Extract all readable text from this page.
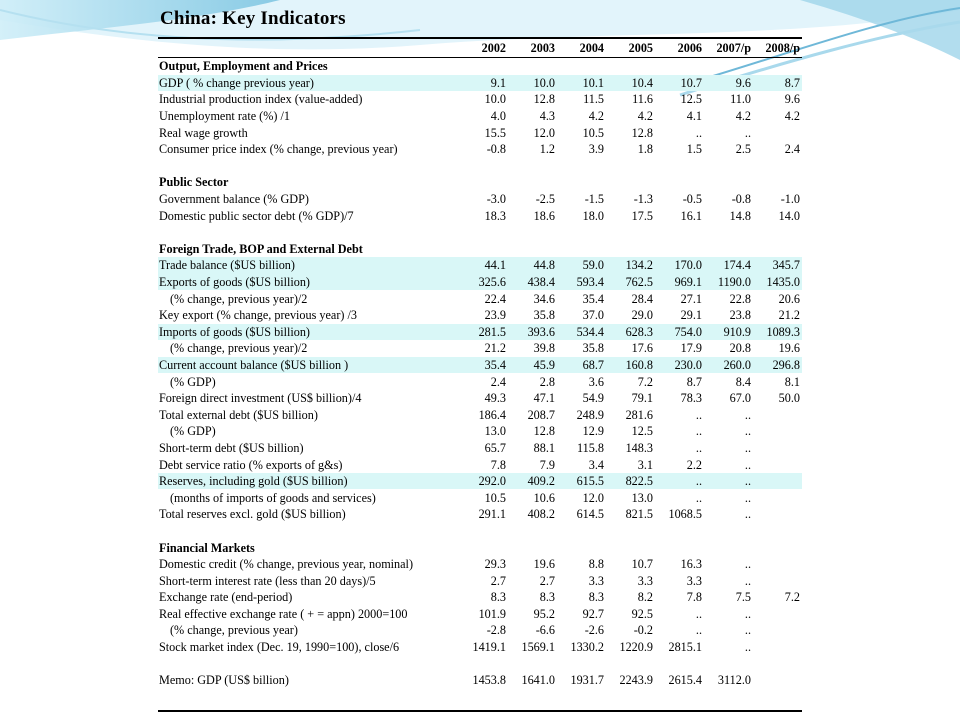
China: Key Indicators
	2002	2003	2004	2005	2006	2007/p	2008/p
Output, Employment and Prices							
GDP ( % change previous year)	9.1	10.0	10.1	10.4	10.7	9.6	8.7
Industrial production index (value-added)	10.0	12.8	11.5	11.6	12.5	11.0	9.6
Unemployment rate (%) /1	4.0	4.3	4.2	4.2	4.1	4.2	4.2
Real wage growth	15.5	12.0	10.5	12.8	..	..	
Consumer price index (% change, previous year)	-0.8	1.2	3.9	1.8	1.5	2.5	2.4

Public Sector							
Government balance (% GDP)	-3.0	-2.5	-1.5	-1.3	-0.5	-0.8	-1.0
Domestic public sector debt (% GDP)/7	18.3	18.6	18.0	17.5	16.1	14.8	14.0

Foreign Trade, BOP and External Debt							
Trade balance ($US billion)	44.1	44.8	59.0	134.2	170.0	174.4	345.7
Exports of goods ($US billion)	325.6	438.4	593.4	762.5	969.1	1190.0	1435.0
(% change, previous year)/2	22.4	34.6	35.4	28.4	27.1	22.8	20.6
Key export (% change, previous year) /3	23.9	35.8	37.0	29.0	29.1	23.8	21.2
Imports of goods ($US billion)	281.5	393.6	534.4	628.3	754.0	910.9	1089.3
(% change, previous year)/2	21.2	39.8	35.8	17.6	17.9	20.8	19.6
Current account balance ($US billion )	35.4	45.9	68.7	160.8	230.0	260.0	296.8
(% GDP)	2.4	2.8	3.6	7.2	8.7	8.4	8.1
Foreign direct investment (US$ billion)/4	49.3	47.1	54.9	79.1	78.3	67.0	50.0
Total external debt ($US billion)	186.4	208.7	248.9	281.6	..	..	
(% GDP)	13.0	12.8	12.9	12.5	..	..	
Short-term debt ($US billion)	65.7	88.1	115.8	148.3	..	..	
Debt service ratio (% exports of g&s)	7.8	7.9	3.4	3.1	2.2	..	
Reserves, including gold ($US billion)	292.0	409.2	615.5	822.5	..	..	
(months of imports of goods and services)	10.5	10.6	12.0	13.0	..	..	
Total reserves excl. gold ($US billion)	291.1	408.2	614.5	821.5	1068.5	..	

Financial Markets							
Domestic credit (% change, previous year, nominal)	29.3	19.6	8.8	10.7	16.3	..	
Short-term interest rate (less than 20 days)/5	2.7	2.7	3.3	3.3	3.3	..	
Exchange rate (end-period)	8.3	8.3	8.3	8.2	7.8	7.5	7.2
Real effective exchange rate ( + = appn) 2000=100	101.9	95.2	92.7	92.5	..	..	
(% change, previous year)	-2.8	-6.6	-2.6	-0.2	..	..	
Stock market index (Dec. 19, 1990=100), close/6	1419.1	1569.1	1330.2	1220.9	2815.1	..	

Memo: GDP (US$ billion)	1453.8	1641.0	1931.7	2243.9	2615.4	3112.0	
